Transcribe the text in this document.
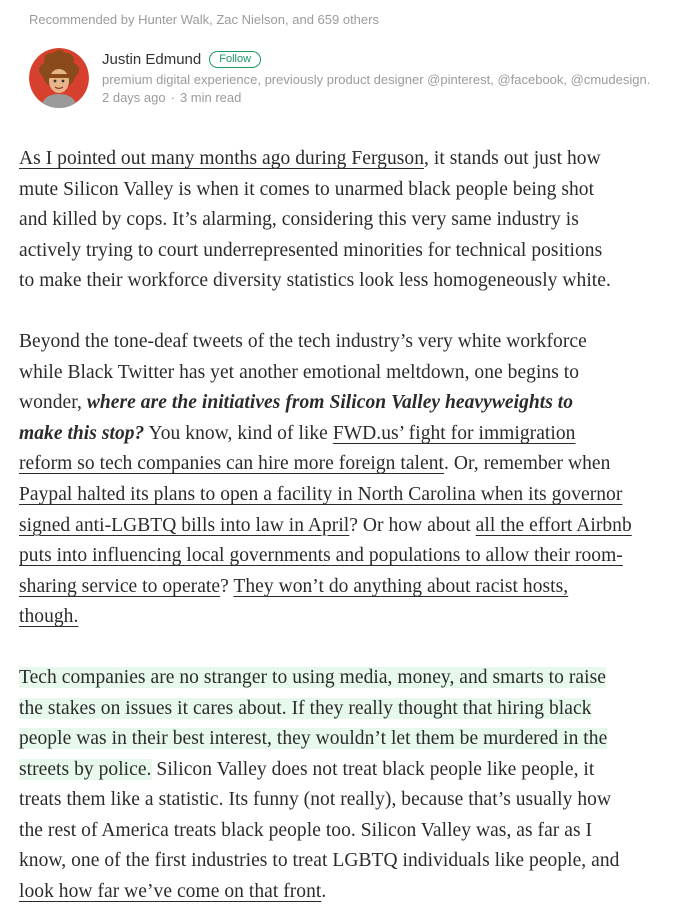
Recommended by Hunter Walk, Zac Nielson, and 659 others
Justin Edmund	Follow
premium digital experience, previously product designer @pinterest, @facebook, @cmudesign.
2 days ago · 3 min read

As I pointed out many months ago during Ferguson, it stands out just how
mute Silicon Valley is when it comes to unarmed black people being shot
and killed by cops. It’s alarming, considering this very same industry is
actively trying to court underrepresented minorities for technical positions
to make their workforce diversity statistics look less homogeneously white.

Beyond the tone-deaf tweets of the tech industry’s very white workforce
while Black Twitter has yet another emotional meltdown, one begins to
wonder, where are the initiatives from Silicon Valley heavyweights to
make this stop? You know, kind of like FWD.us’ fight for immigration
reform so tech companies can hire more foreign talent. Or, remember when
Paypal halted its plans to open a facility in North Carolina when its governor
signed anti-LGBTQ bills into law in April? Or how about all the effort Airbnb
puts into influencing local governments and populations to allow their room-
sharing service to operate? They won’t do anything about racist hosts,
though.

Tech companies are no stranger to using media, money, and smarts to raise
the stakes on issues it cares about. If they really thought that hiring black
people was in their best interest, they wouldn’t let them be murdered in the
streets by police. Silicon Valley does not treat black people like people, it
treats them like a statistic. Its funny (not really), because that’s usually how
the rest of America treats black people too. Silicon Valley was, as far as I
know, one of the first industries to treat LGBTQ individuals like people, and
look how far we’ve come on that front.
